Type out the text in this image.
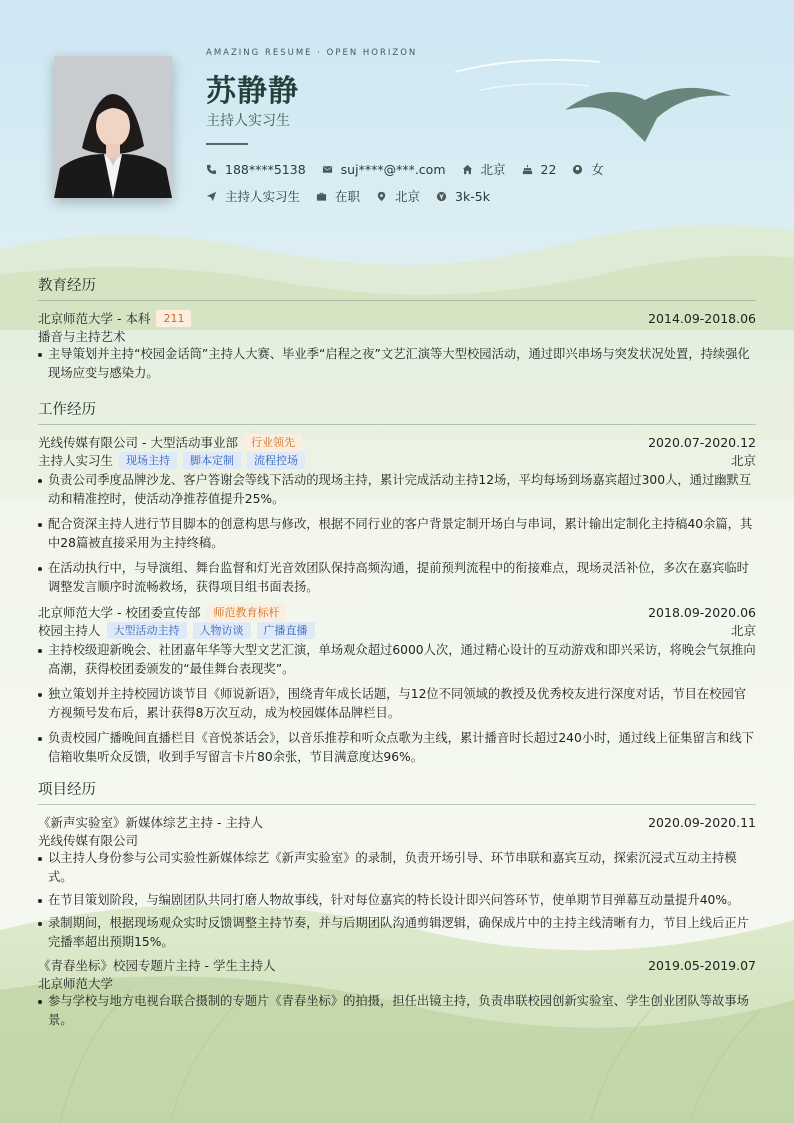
AMAZING RESUME · OPEN HORIZON
苏静静
主持人实习生
188****5138	suj****@***.com	北京	22	女
主持人实习生	在职	北京	3k-5k
教育经历
北京师范大学 - 本科	211	2014.09-2018.06
播音与主持艺术
主导策划并主持“校园金话筒”主持人大赛、毕业季“启程之夜”文艺汇演等大型校园活动，通过即兴串场与突发状况处置，持续强化现场应变与感染力。
工作经历
光线传媒有限公司 - 大型活动事业部	行业领先	2020.07-2020.12
主持人实习生	现场主持	脚本定制	流程控场	北京
负责公司季度品牌沙龙、客户答谢会等线下活动的现场主持，累计完成活动主持12场，平均每场到场嘉宾超过300人，通过幽默互动和精准控时，使活动净推荐值提升25%。
配合资深主持人进行节目脚本的创意构思与修改，根据不同行业的客户背景定制开场白与串词，累计输出定制化主持稿40余篇，其中28篇被直接采用为主持终稿。
在活动执行中，与导演组、舞台监督和灯光音效团队保持高频沟通，提前预判流程中的衔接难点，现场灵活补位，多次在嘉宾临时调整发言顺序时流畅救场，获得项目组书面表扬。
北京师范大学 - 校团委宣传部	师范教育标杆	2018.09-2020.06
校园主持人	大型活动主持	人物访谈	广播直播	北京
主持校级迎新晚会、社团嘉年华等大型文艺汇演，单场观众超过6000人次，通过精心设计的互动游戏和即兴采访，将晚会气氛推向高潮，获得校团委颁发的“最佳舞台表现奖”。
独立策划并主持校园访谈节目《师说新语》，围绕青年成长话题，与12位不同领域的教授及优秀校友进行深度对话，节目在校园官方视频号发布后，累计获得8万次互动，成为校园媒体品牌栏目。
负责校园广播晚间直播栏目《音悦茶话会》，以音乐推荐和听众点歌为主线，累计播音时长超过240小时，通过线上征集留言和线下信箱收集听众反馈，收到手写留言卡片80余张，节目满意度达96%。
项目经历
《新声实验室》新媒体综艺主持 - 主持人	2020.09-2020.11
光线传媒有限公司
以主持人身份参与公司实验性新媒体综艺《新声实验室》的录制，负责开场引导、环节串联和嘉宾互动，探索沉浸式互动主持模式。
在节目策划阶段，与编剧团队共同打磨人物故事线，针对每位嘉宾的特长设计即兴问答环节，使单期节目弹幕互动量提升40%。
录制期间，根据现场观众实时反馈调整主持节奏，并与后期团队沟通剪辑逻辑，确保成片中的主持主线清晰有力，节目上线后正片完播率超出预期15%。
《青春坐标》校园专题片主持 - 学生主持人	2019.05-2019.07
北京师范大学
参与学校与地方电视台联合摄制的专题片《青春坐标》的拍摄，担任出镜主持，负责串联校园创新实验室、学生创业团队等故事场景。
